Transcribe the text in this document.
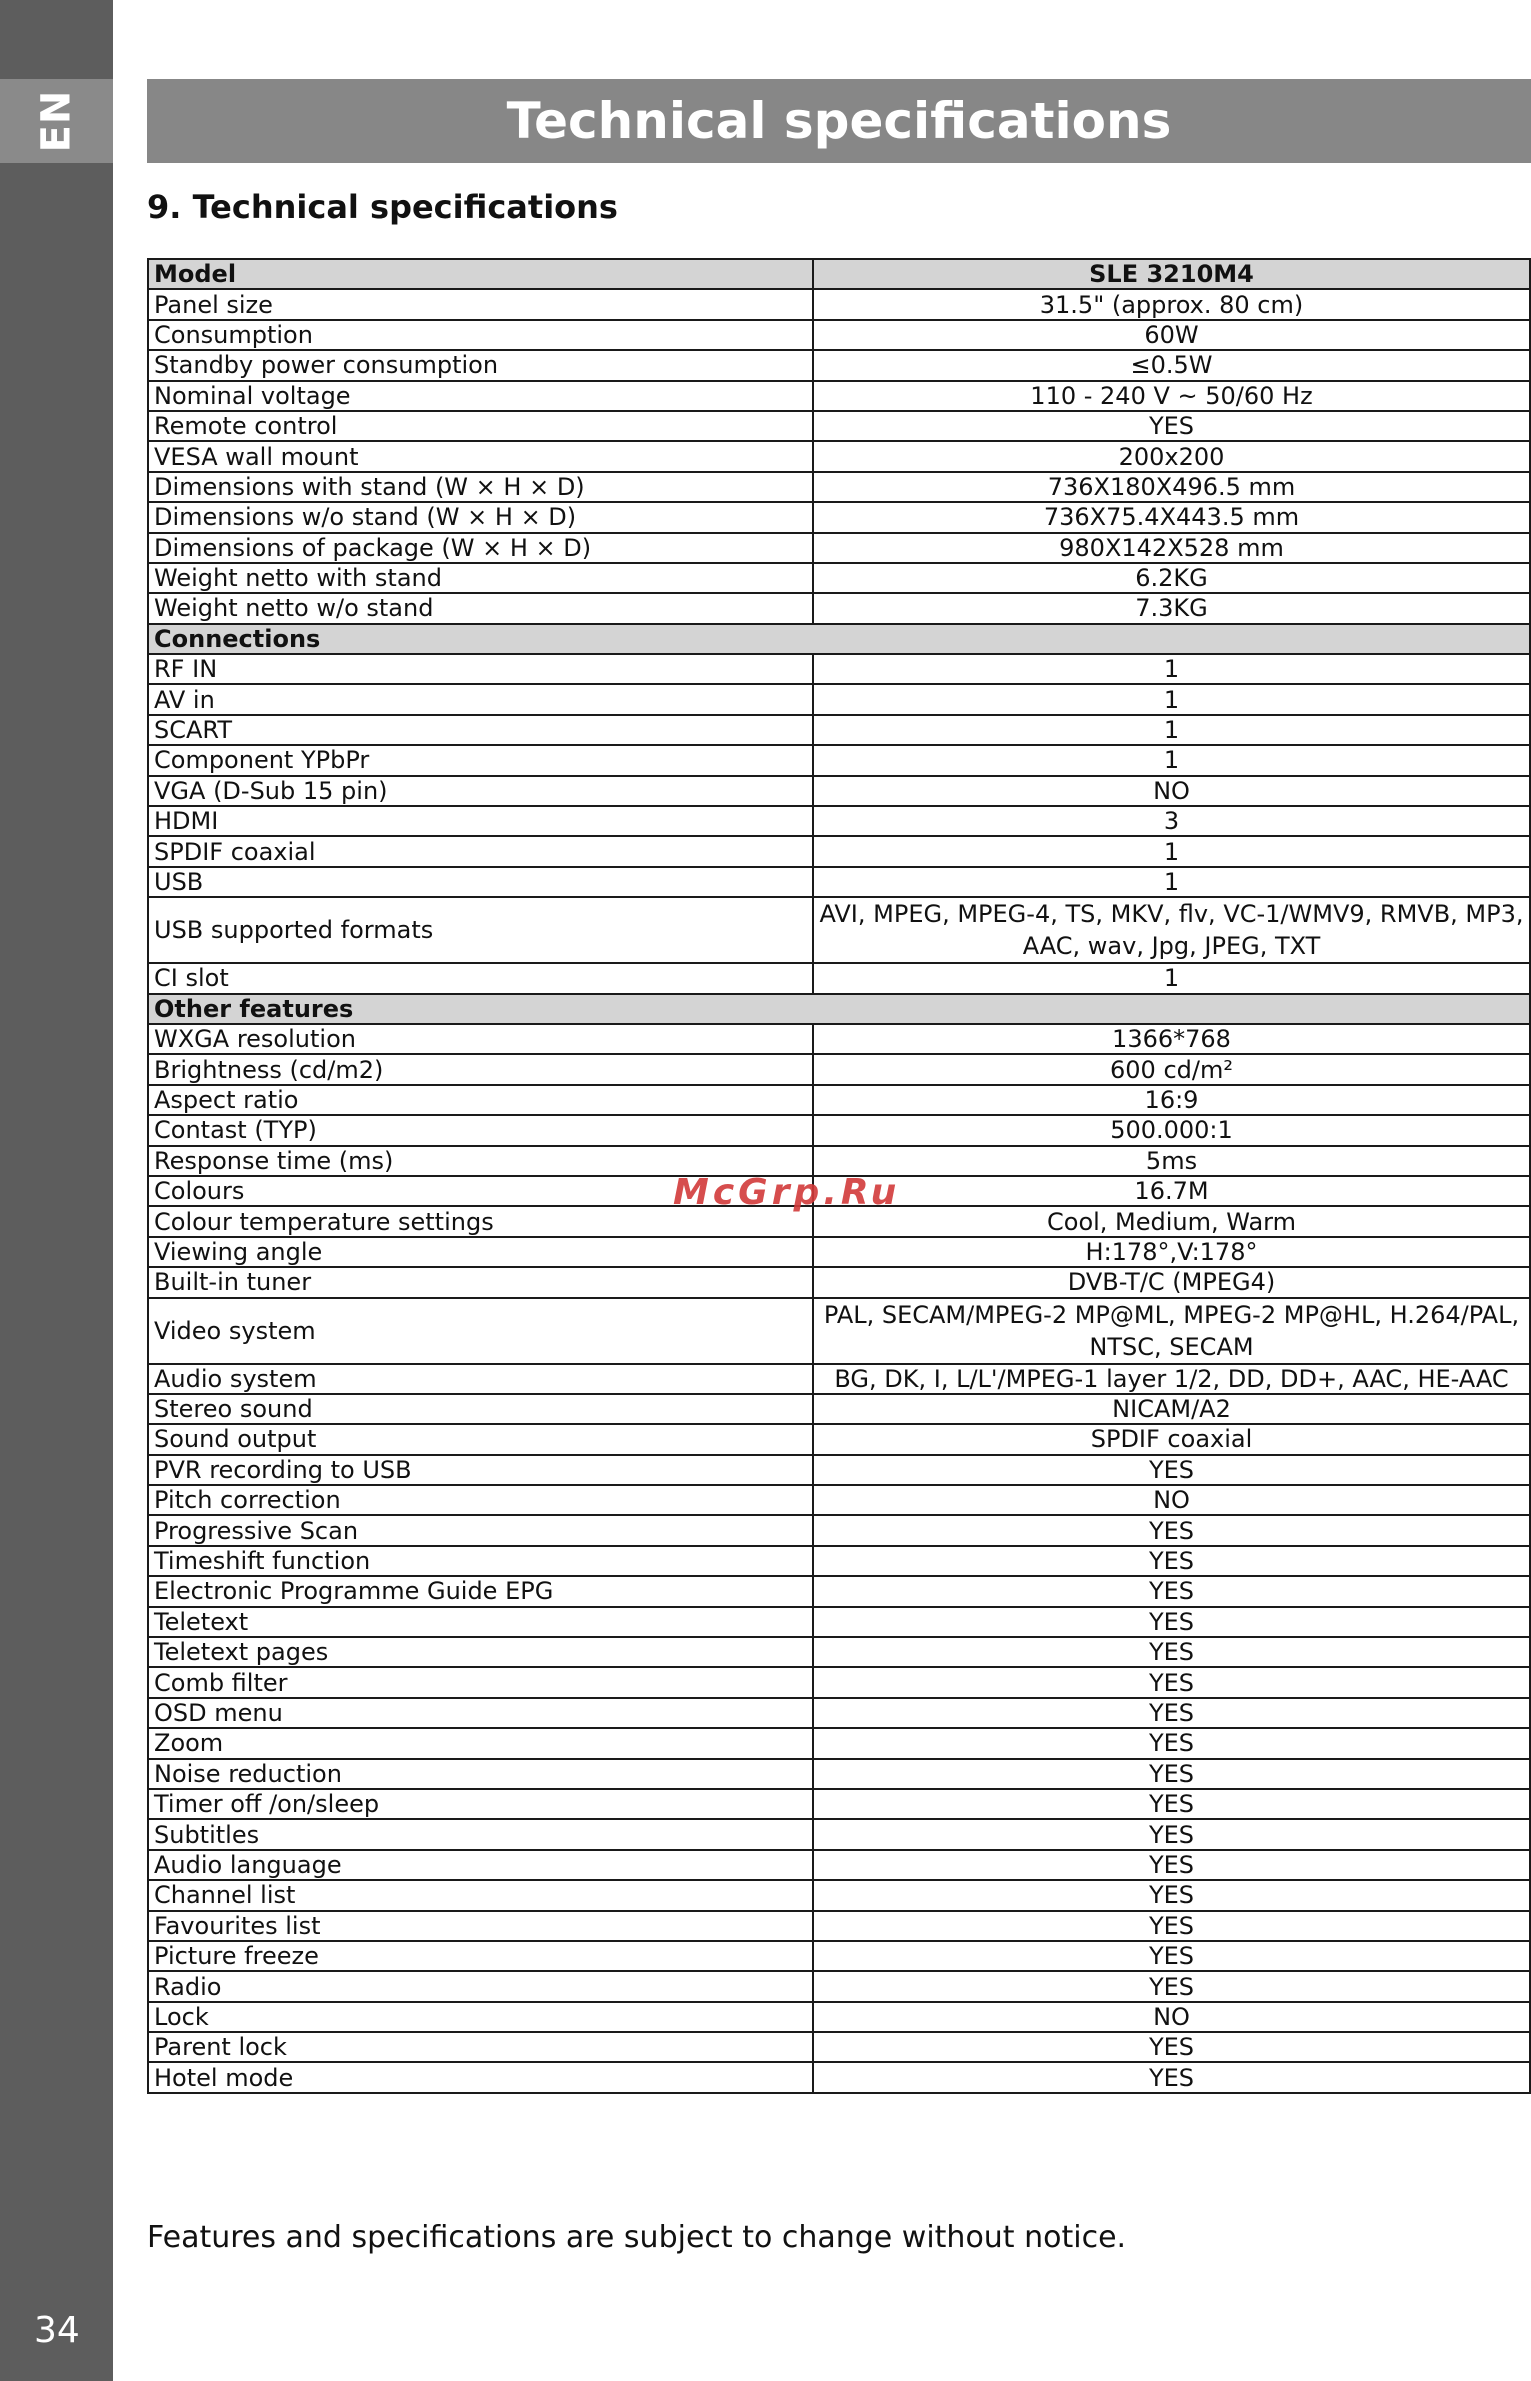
EN
34
Technical specifications
9. Technical specifications
Model	SLE 3210M4
Panel size	31.5" (approx. 80 cm)
Consumption	60W
Standby power consumption	≤0.5W
Nominal voltage	110 - 240 V ~ 50/60 Hz
Remote control	YES
VESA wall mount	200x200
Dimensions with stand (W × H × D)	736X180X496.5 mm
Dimensions w/o stand (W × H × D)	736X75.4X443.5 mm
Dimensions of package (W × H × D)	980X142X528 mm
Weight netto with stand	6.2KG
Weight netto w/o stand	7.3KG
Connections	
RF IN	1
AV in	1
SCART	1
Component YPbPr	1
VGA (D-Sub 15 pin)	NO
HDMI	3
SPDIF coaxial	1
USB	1
USB supported formats	AVI, MPEG, MPEG-4, TS, MKV, flv, VC-1/WMV9, RMVB, MP3, AAC, wav, Jpg, JPEG, TXT
CI slot	1
Other features	
WXGA resolution	1366*768
Brightness (cd/m2)	600 cd/m²
Aspect ratio	16:9
Contast (TYP)	500.000:1
Response time (ms)	5ms
Colours	16.7M
Colour temperature settings	Cool, Medium, Warm
Viewing angle	H:178°,V:178°
Built-in tuner	DVB-T/C (MPEG4)
Video system	PAL, SECAM/MPEG-2 MP@ML, MPEG-2 MP@HL, H.264/PAL, NTSC, SECAM
Audio system	BG, DK, I, L/L'/MPEG-1 layer 1/2, DD, DD+, AAC, HE-AAC
Stereo sound	NICAM/A2
Sound output	SPDIF coaxial
PVR recording to USB	YES
Pitch correction	NO
Progressive Scan	YES
Timeshift function	YES
Electronic Programme Guide EPG	YES
Teletext	YES
Teletext pages	YES
Comb filter	YES
OSD menu	YES
Zoom	YES
Noise reduction	YES
Timer off /on/sleep	YES
Subtitles	YES
Audio language	YES
Channel list	YES
Favourites list	YES
Picture freeze	YES
Radio	YES
Lock	NO
Parent lock	YES
Hotel mode	YES
McGrp.Ru
Features and specifications are subject to change without notice.
